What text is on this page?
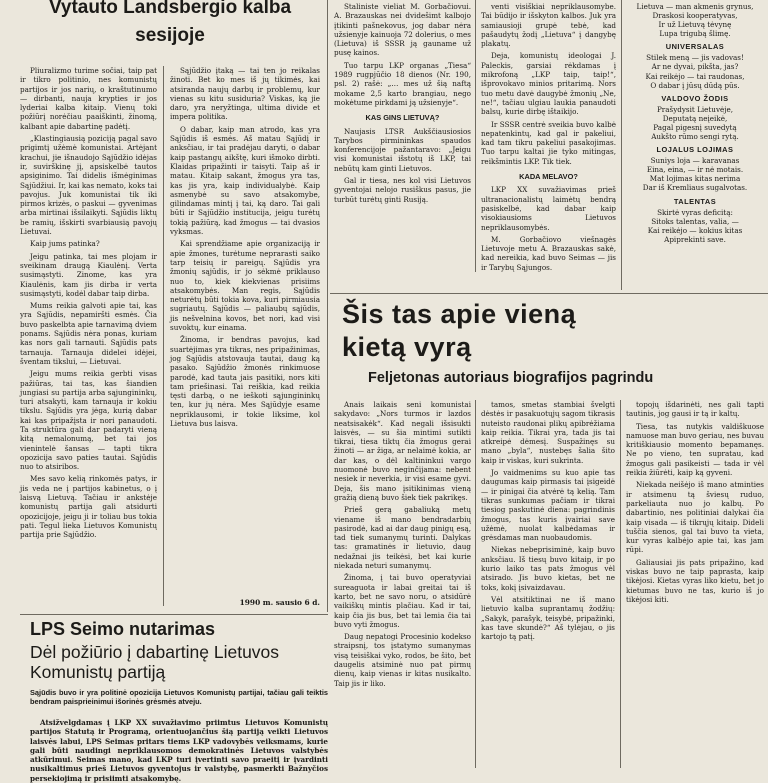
Vytauto Landsbergio kalba sesijoje

Pliuralizmo turime sočiai, taip pat ir tikro politinio, nes komunistų partijos ir jos narių, o kraštutinumo — dirbanti, nauja krypties ir jos lyderiai kalba kitaip. Vienų toki požiūrį norėčiau paaiškinti, žinomą, kalbant apie dabartinę padėtį.

„Klastingiausią poziciją pagal savo prigimtį užėmė komunistai. Artėjant krachui, jie išnaudojo Sąjūdžio idėjas ir, suvirškinę jį, apsiskelbė tautos apsiginimo. Tai didelis išmėginimas Sąjūdžiui. Ir, kai kas nemato, koks tai pavojus. Juk komunistai tik iki pirmos krizės, o paskui — gyvenimas arba mirtinai išsilaikyti. Sąjūdis liktų be ramių, išskirti svarbiausią pavojų Lietuvai.

Kaip jums patinka?

Jeigu patinka, tai mes plojam ir sveikinam draugą Kiaulėnį. Verta susimąstyti. Zinome, kas yra Kiaulėnis, kam jis dirba ir verta susimąstyti, kodėl dabar taip dirba.

Mums reikia galvoti apie tai, kas yra Sąjūdis, nepamiršti esmės. Čia buvo paskelbta apie tarnavimą dviem ponams. Sąjūdis nėra ponas, kuriam kas nors gali tarnauti. Sąjūdis pats tarnauja. Tarnauja didelei idėjei, šventam tikslui, — Lietuvai.

Jeigu mums reikia gerbti visas pažiūras, tai tas, kas šiandien jungiasi su partija arba sąjungininkų, turi atsakyti, kam tarnauja ir kokiu tikslu. Sąjūdis yra jėga, kurią dabar kai kas pripažįsta ir nori panaudoti. Ta struktūra gali dar padaryti vieną kitą nemalonumą, bet tai jos vienintelė šansas — tapti tikra opozicija savo paties tautai. Sąjūdis nuo to atsiribos.

Mes savo kelią rinkomės patys, ir jis veda ne į partijos kabinetus, o į laisvą Lietuvą. Tačiau ir ankstėje komunistų partija gali atsidurti opozicijoje, jeigu ji ir toliau bus tokia pati. Tegul lieka Lietuvos Komunistų partija prie Sąjūdžio.

Sąjūdžio įtaką — tai ten jo reikalas žinoti. Bet ko mes iš jų tikimės, kai atsiranda naujų darbų ir problemų, kur vienas su kitu susiduria? Viskas, ką jie daro, yra neryžtinga, ultima divide et impera politika.

O dabar, kaip man atrodo, kas yra Sąjūdis iš esmės. Aš matau Sąjūdį ir anksčiau, ir tai pradėjau daryti, o dabar kaip pastangų aikštę, kuri išmoko dirbti. Klaidas pripažinti ir taisyti. Taip aš ir matau. Kitaip sakant, žmogus yra tas, kas jis yra, kaip individualybė. Kaip asmenybė su savo atsakomybe, gilindamas mintį į tai, ką daro. Tai gali būti ir Sąjūdžio institucija, jeigu turėtų tokią pažiūrą, kad žmogus — tai dvasios vyksmas.

Kai sprendžiame apie organizaciją ir apie žmones, turėtume neprarasti saiko tarp teisių ir pareigų. Sąjūdis yra žmonių sąjūdis, ir jo sėkmė priklauso nuo to, kiek kiekvienas prisiims atsakomybės. Man regis, Sąjūdis neturėtų būti tokia kova, kuri pirmiausia sugriautų. Sąjūdis — paliaubų sąjūdis, jis nešvelnina kovos, bet nori, kad visi suvoktų, kur einama.

Žinoma, ir bendras pavojus, kad suartėjimas yra tikras, nes pripažinimas, jog Sąjūdis atstovauja tautai, daug ką pasako. Sąjūdžio žmonės rinkimuose parodė, kad tauta jais pasitiki, nors kiti tam priešinasi. Tai reiškia, kad reikia tęsti darbą, o ne ieškoti sąjungininkų ten, kur jų nėra. Mes Sąjūdyje esame nepriklausomi, ir tokie liksime, kol Lietuva bus laisva.

1990 m. sausio 6 d.
LPS Seimo nutarimas
Dėl požiūrio į dabartinę Lietuvos Komunistų partiją
Sąjūdis buvo ir yra politinė opozicija Lietuvos Komunistų partijai, tačiau gali teiktis bendram paisprieinimui išorinės grėsmės atveju.

Atsižvelgdamas į LKP XX suvažiavimo priimtus Lietuvos Komunistų partijos Statutą ir Programą, orientuojančius šią partiją veikti Lietuvos laisvės labui, LPS Seimas pritars tiems LKP vadovybės veiksmams, kurie gali būti naudingi nepriklausomos demokratinės Lietuvos valstybės atkūrimui. Seimas mano, kad LKP turi įvertinti savo praeitį ir įvardinti nusikaltimus prieš Lietuvos gyventojus ir valstybę, pasmerkti Bažnyčios persekiojimą ir prisiimti atsakomybę.

Staliniste vieliat M. Gorbačiovui. A. Brazauskas nei dvidešimt kalbojo įtikinti pašnekovus, jog dabar nėra užsienyje kainuoja 72 dolerius, o mes (Lietuva) iš SSSR ją gauname už pusę kainos.

Tuo tarpu LKP organas „Tiesa“ 1989 rugpjūčio 18 dienos (Nr. 190, psl. 2) rašė: „… mes už šią naftą mokame 2,5 karto brangiau, nego mokėtume pirkdami ją užsienyje“.

KAS GINS LIETUVĄ?

Naujasis LTSR Aukščiausiosios Tarybos pirmininkas spaudos konferencijoje pažantaravo: „Jeigu visi komunistai išstotų iš LKP, tai nebūtų kam ginti Lietuvos.

Gal ir tiesa, nes kol visi Lietuvos gyventojai nelojo rusiškus pasus, jie turbūt turėtų ginti Rusiją.

venti visiškiai nepriklausomybe. Tai būdijo ir išskyton kalbos. Juk yra samiausioji grupė tebė, kad pašaudytų žodį „Lietuva“ į dangybę plakatų.

Deja, komunistų ideologai J. Paleckis, garsiai rėkdamas į mikrofoną „LKP taip, taip!“, išprovokavo minios pritarimą. Nors tuo metu davė daugybė žmonių „Ne, ne!“, tačiau ulgiau laukia panaudoti balsų, kurie dirbę ištaikijo.

Ir SSSR centrė sveikia buvo kalbė nepatenkintų, kad gal ir pakeliui, kad tam tikru pakeliui pasakojimas. Tuo tarpu kaltai jie tyko mitingas, reikšmintis LKP. Tik tiek.

KADA MELAVO?

LKP XX suvažiavimas prieš ultranacionalistų laimėtų bendrą pasiskelbė, kad dabar kaip visokiausioms Lietuvos nepriklausomybės.

M. Gorbačiovo viešnagės Lietuvoje metu A. Brazauskas sakė, kad nereikia, kad buvo Seimas — jis ir Tarybų Sąjungos.

Lietuva — man akmenis grynus,
Draskosi kooperatyvas,
Ir už Lietuvą tėvynę
Lupa trigubą šlimę.
UNIVERSALAS
Stilek meną — jis vadovas!
Ar ne dyvai, pikšta, jas?
Kai reikėjo — tai raudonas,
O dabar į jūsų dūdą pūs.
VALDOVO ŽODIS
Prašydysit Lietuvėje,
Deputatą neįeikė,
Pagal pigesnį suvedytą
Aukšto rūmo sengi rytą.
LOJALUS LOJIMAS
Suniys loja — karavanas
Eina, eina, — ir nė motais.
Mat lojimas kitas nerima
Dar iš Kremliaus sugalvotas.
TALENTAS
Skirtė vyras deficitą:
Sitoks talentas, valia, —
Kai reikėjo — kokius kitas
Apiprekinti save.
Šis tas apie vieną kietą vyrą
Feljetonas autoriaus biografijos pagrindu

Anais laikais seni komunistai sakydavo: „Nors turmos ir lazdos neatsisakėk“. Kad negali išsisukti laisvės, — su šia mintimi sutikti tikrai, tiesa tiktų čia žmogus gerai žinoti — ar žiga, ar nelaimė kokia, ar dar kas, o dėl kaltininkui vargo nuomonė buvo neginčijama: nebent nesiek ir neverkia, ir visi esame gyvi. Deja, šis mano įsitikinimas vieną gražią dieną buvo šiek tiek pakrikęs.

Prieš gerą gabaliuką metų viename iš mano bendradarbių pasirodė, kad ai dar daug pinigų esą, tad tiek sumanymų turinti. Dalykas tas: gramatinės ir lietuvio, daug nedažnai jis teikėsi, bet kai kurie niekada neturi sumanymų.

Žinoma, į tai buvo operatyviai sureaguota ir labai greitai tai iš karto, bet ne savo noru, o atsidūrė vaikiškų mintis plačiau. Kad ir tai, kaip čia jis bus, bet tai lemia čia tai buvo vyti žmogus.

Daug nepatogi Procesinio kodekso straipsnį, tos įstatymo sumanymas visą teisiškai vyko, rodos, be šito, bet daugelis atsiminė nuo pat pirmų dienų, kaip vienas ir kitas nusikalto. Taip jis ir liko.

tamos, smetas stambiai švelgti dėstės ir pasakuotųjų sagom tikrasis nuteisto raudonai plikų apibrėžiama kaip reikia. Tikrai yra, tada jis tai atkreipė dėmesį. Suspažinęs su mano „byla“, nustebęs šalia šito kaip ir viskas, kuri sukrinta.

Jo vaidmenims su kuo apie tas daugumas kaip pirmasis tai įsigeidė — ir pinigai čia atvėrė tą kelią. Tam tikras sunkumas pačiam ir tikrai tiesiog paskutinė diena: pagrindinis žmogus, tas kuris įvairiai save užėmė, nuolat kalbėdamas ir grėsdamas man nuobaudomis.

Niekas nebeprisiminė, kaip buvo anksčiau. Iš tiesų buvo kitaip, ir po kurio laiko tas pats žmogus vėl atsirado. Jis buvo kietas, bet ne toks, kokį įsivaizdavau.

Vėl atsitiktinai ne iš mano lietuvio kalba suprantamų žodžių: „Sakyk, parašyk, teisybė, pripažinki, kas tave skundė?“ Aš tylėjau, o jis kartojo tą patį.

topojų išdarinėti, nes gali tapti tautinis, jog gausi ir tą ir kaltų.

Tiesa, tas nutykis valdiškuose namuose man buvo geriau, nes buvau kritiškiausio momento bepamanęs. Ne po vieno, ten supratau, kad žmogus gali pasikeisti — tada ir vėl reikia žiūrėti, kaip ką gyveni.

Niekada neišėjo iš mano atminties ir atsimenu tą šviesų ruduo, parkeliauta nuo jo kalbų. Po dabartinio, nes politiniai dalykai čia kaip visada — iš tikrųjų kitaip. Dideli tuščia sienos, gal tai buvo ta vieta, kur vyras kalbėjo apie tai, kas jam rūpi.

Galiausiai jis pats pripažino, kad viskas buvo ne taip paprasta, kaip tikėjosi. Kietas vyras liko kietu, bet jo kietumas buvo ne tas, kurio iš jo tikėjosi kiti.
